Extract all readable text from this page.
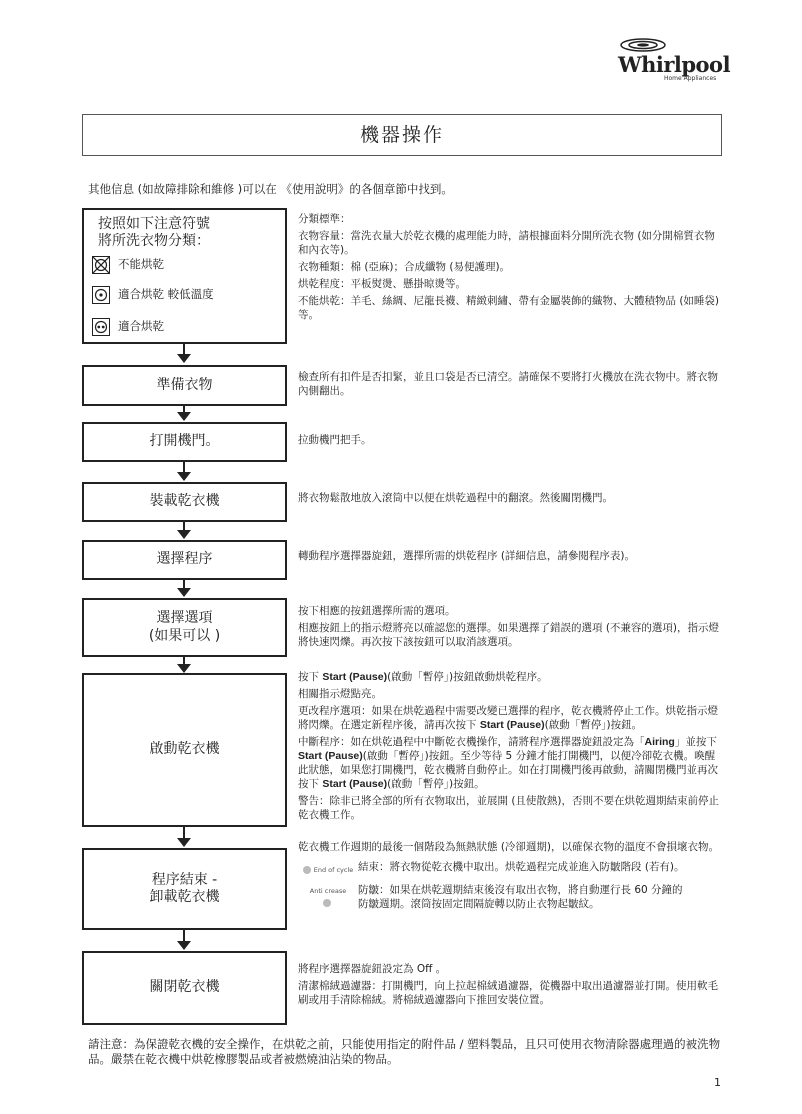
Whirlpool
Home Appliances
機器操作
其他信息 (如故障排除和維修 )可以在 《使用說明》的各個章節中找到。
按照如下注意符號
將所洗衣物分類：
不能烘乾
適合烘乾 較低溫度
適合烘乾

分類標準：

衣物容量：當洗衣量大於乾衣機的處理能力時，請根據面料分開所洗衣物 (如分開棉質衣物和內衣等)。

衣物種類：棉 (亞麻)；合成纖物 (易便護理)。

烘乾程度：平板熨燙、懸掛晾燙等。

不能烘乾：羊毛、絲綢、尼龍長襪、精緻刺繡、帶有金屬裝飾的織物、大體積物品 (如睡袋)等。

準備衣物	檢查所有扣件是否扣緊，並且口袋是否已清空。請確保不要將打火機放在洗衣物中。將衣物內側翻出。

打開機門。	拉動機門把手。

裝載乾衣機	將衣物鬆散地放入滾筒中以便在烘乾過程中的翻滾。然後關閉機門。

選擇程序	轉動程序選擇器旋鈕，選擇所需的烘乾程序 (詳細信息，請參閱程序表)。

選擇選項
(如果可以 )

按下相應的按鈕選擇所需的選項。

相應按鈕上的指示燈將亮以確認您的選擇。如果選擇了錯誤的選項 (不兼容的選項)，指示燈將快速閃爍。再次按下該按鈕可以取消該選項。

啟動乾衣機

按下 Start (Pause)(啟動「暫停」)按鈕啟動烘乾程序。

相關指示燈點亮。

更改程序選項：如果在烘乾過程中需要改變已選擇的程序，乾衣機將停止工作。烘乾指示燈將閃爍。在選定新程序後，請再次按下 Start (Pause)(啟動「暫停」)按鈕。

中斷程序：如在烘乾過程中中斷乾衣機操作，請將程序選擇器旋鈕設定為「Airing」並按下 Start (Pause)(啟動「暫停」)按鈕。至少等待 5 分鐘才能打開機門，以便冷卻乾衣機。喚醒此狀態，如果您打開機門，乾衣機將自動停止。如在打開機門後再啟動，請關閉機門並再次按下 Start (Pause)(啟動「暫停」)按鈕。

警告：除非已將全部的所有衣物取出，並展開 (且使散熱)，否則不要在烘乾週期結束前停止乾衣機工作。

程序結束 -
卸載乾衣機

乾衣機工作週期的最後一個階段為無熱狀態 (冷卻週期)，以確保衣物的溫度不會損壞衣物。

End of cycle 結束：將衣物從乾衣機中取出。烘乾過程完成並進入防皺階段 (若有)。
Anti crease 防皺：如果在烘乾週期結束後沒有取出衣物，將自動運行長 60 分鐘的防皺週期。滾筒按固定間隔旋轉以防止衣物起皺紋。
關閉乾衣機

將程序選擇器旋鈕設定為 Off 。

清潔棉絨過濾器：打開機門，向上拉起棉絨過濾器，從機器中取出過濾器並打開。使用軟毛刷或用手清除棉絨。將棉絨過濾器向下推回安裝位置。

請注意：為保證乾衣機的安全操作，在烘乾之前，只能使用指定的附件品 / 塑料製品，且只可使用衣物清除器處理過的被洗物品。嚴禁在乾衣機中烘乾橡膠製品或者被燃燒油沾染的物品。
1
